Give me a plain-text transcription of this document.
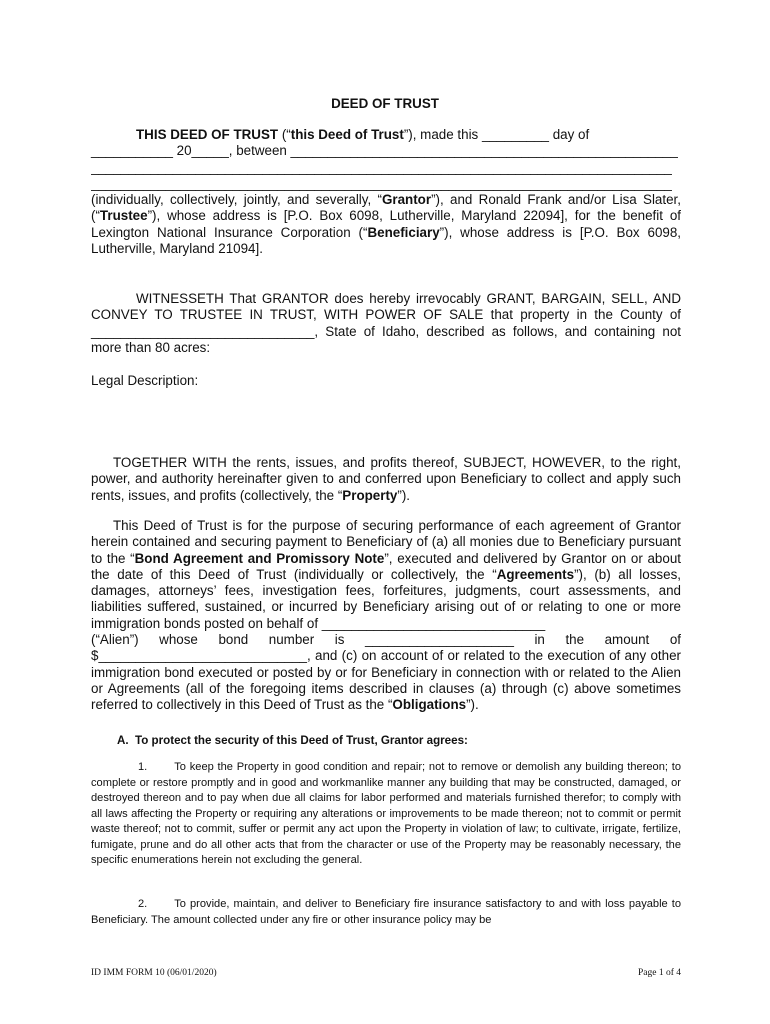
DEED OF TRUST

THIS DEED OF TRUST (“this Deed of Trust”), made this _________ day of

___________ 20_____, between ____________________________________________________

______________________________________________________________________________

______________________________________________________________________________

(individually, collectively, jointly, and severally, “Grantor”), and Ronald Frank and/or Lisa Slater, (“Trustee”), whose address is [P.O. Box 6098, Lutherville, Maryland 22094], for the benefit of Lexington National Insurance Corporation (“Beneficiary”), whose address is [P.O. Box 6098, Lutherville, Maryland 21094].

WITNESSETH That GRANTOR does hereby irrevocably GRANT, BARGAIN, SELL, AND CONVEY TO TRUSTEE IN TRUST, WITH POWER OF SALE that property in the County of ______________________________, State of Idaho, described as follows, and containing not more than 80 acres:

Legal Description:

TOGETHER WITH the rents, issues, and profits thereof, SUBJECT, HOWEVER, to the right, power, and authority hereinafter given to and conferred upon Beneficiary to collect and apply such rents, issues, and profits (collectively, the “Property”).

This Deed of Trust is for the purpose of securing performance of each agreement of Grantor herein contained and securing payment to Beneficiary of (a) all monies due to Beneficiary pursuant to the “Bond Agreement and Promissory Note”, executed and delivered by Grantor on or about the date of this Deed of Trust (individually or collectively, the “Agreements”), (b) all losses, damages, attorneys’ fees, investigation fees, forfeitures, judgments, court assessments, and liabilities suffered, sustained, or incurred by Beneficiary arising out of or relating to one or more immigration bonds posted on behalf of ______________________________

(“Alien”) whose bond number is ____________________ in the amount of

$____________________________, and (c) on account of or related to the execution of any other immigration bond executed or posted by or for Beneficiary in connection with or related to the Alien or Agreements (all of the foregoing items described in clauses (a) through (c) above sometimes referred to collectively in this Deed of Trust as the “Obligations”).

A.  To protect the security of this Deed of Trust, Grantor agrees:

1. To keep the Property in good condition and repair; not to remove or demolish any building thereon; to complete or restore promptly and in good and workmanlike manner any building that may be constructed, damaged, or destroyed thereon and to pay when due all claims for labor performed and materials furnished therefor; to comply with all laws affecting the Property or requiring any alterations or improvements to be made thereon; not to commit or permit waste thereof; not to commit, suffer or permit any act upon the Property in violation of law; to cultivate, irrigate, fertilize, fumigate, prune and do all other acts that from the character or use of the Property may be reasonably necessary, the specific enumerations herein not excluding the general.

2. To provide, maintain, and deliver to Beneficiary fire insurance satisfactory to and with loss payable to Beneficiary. The amount collected under any fire or other insurance policy may be

ID IMM FORM 10 (06/01/2020)	Page 1 of 4
